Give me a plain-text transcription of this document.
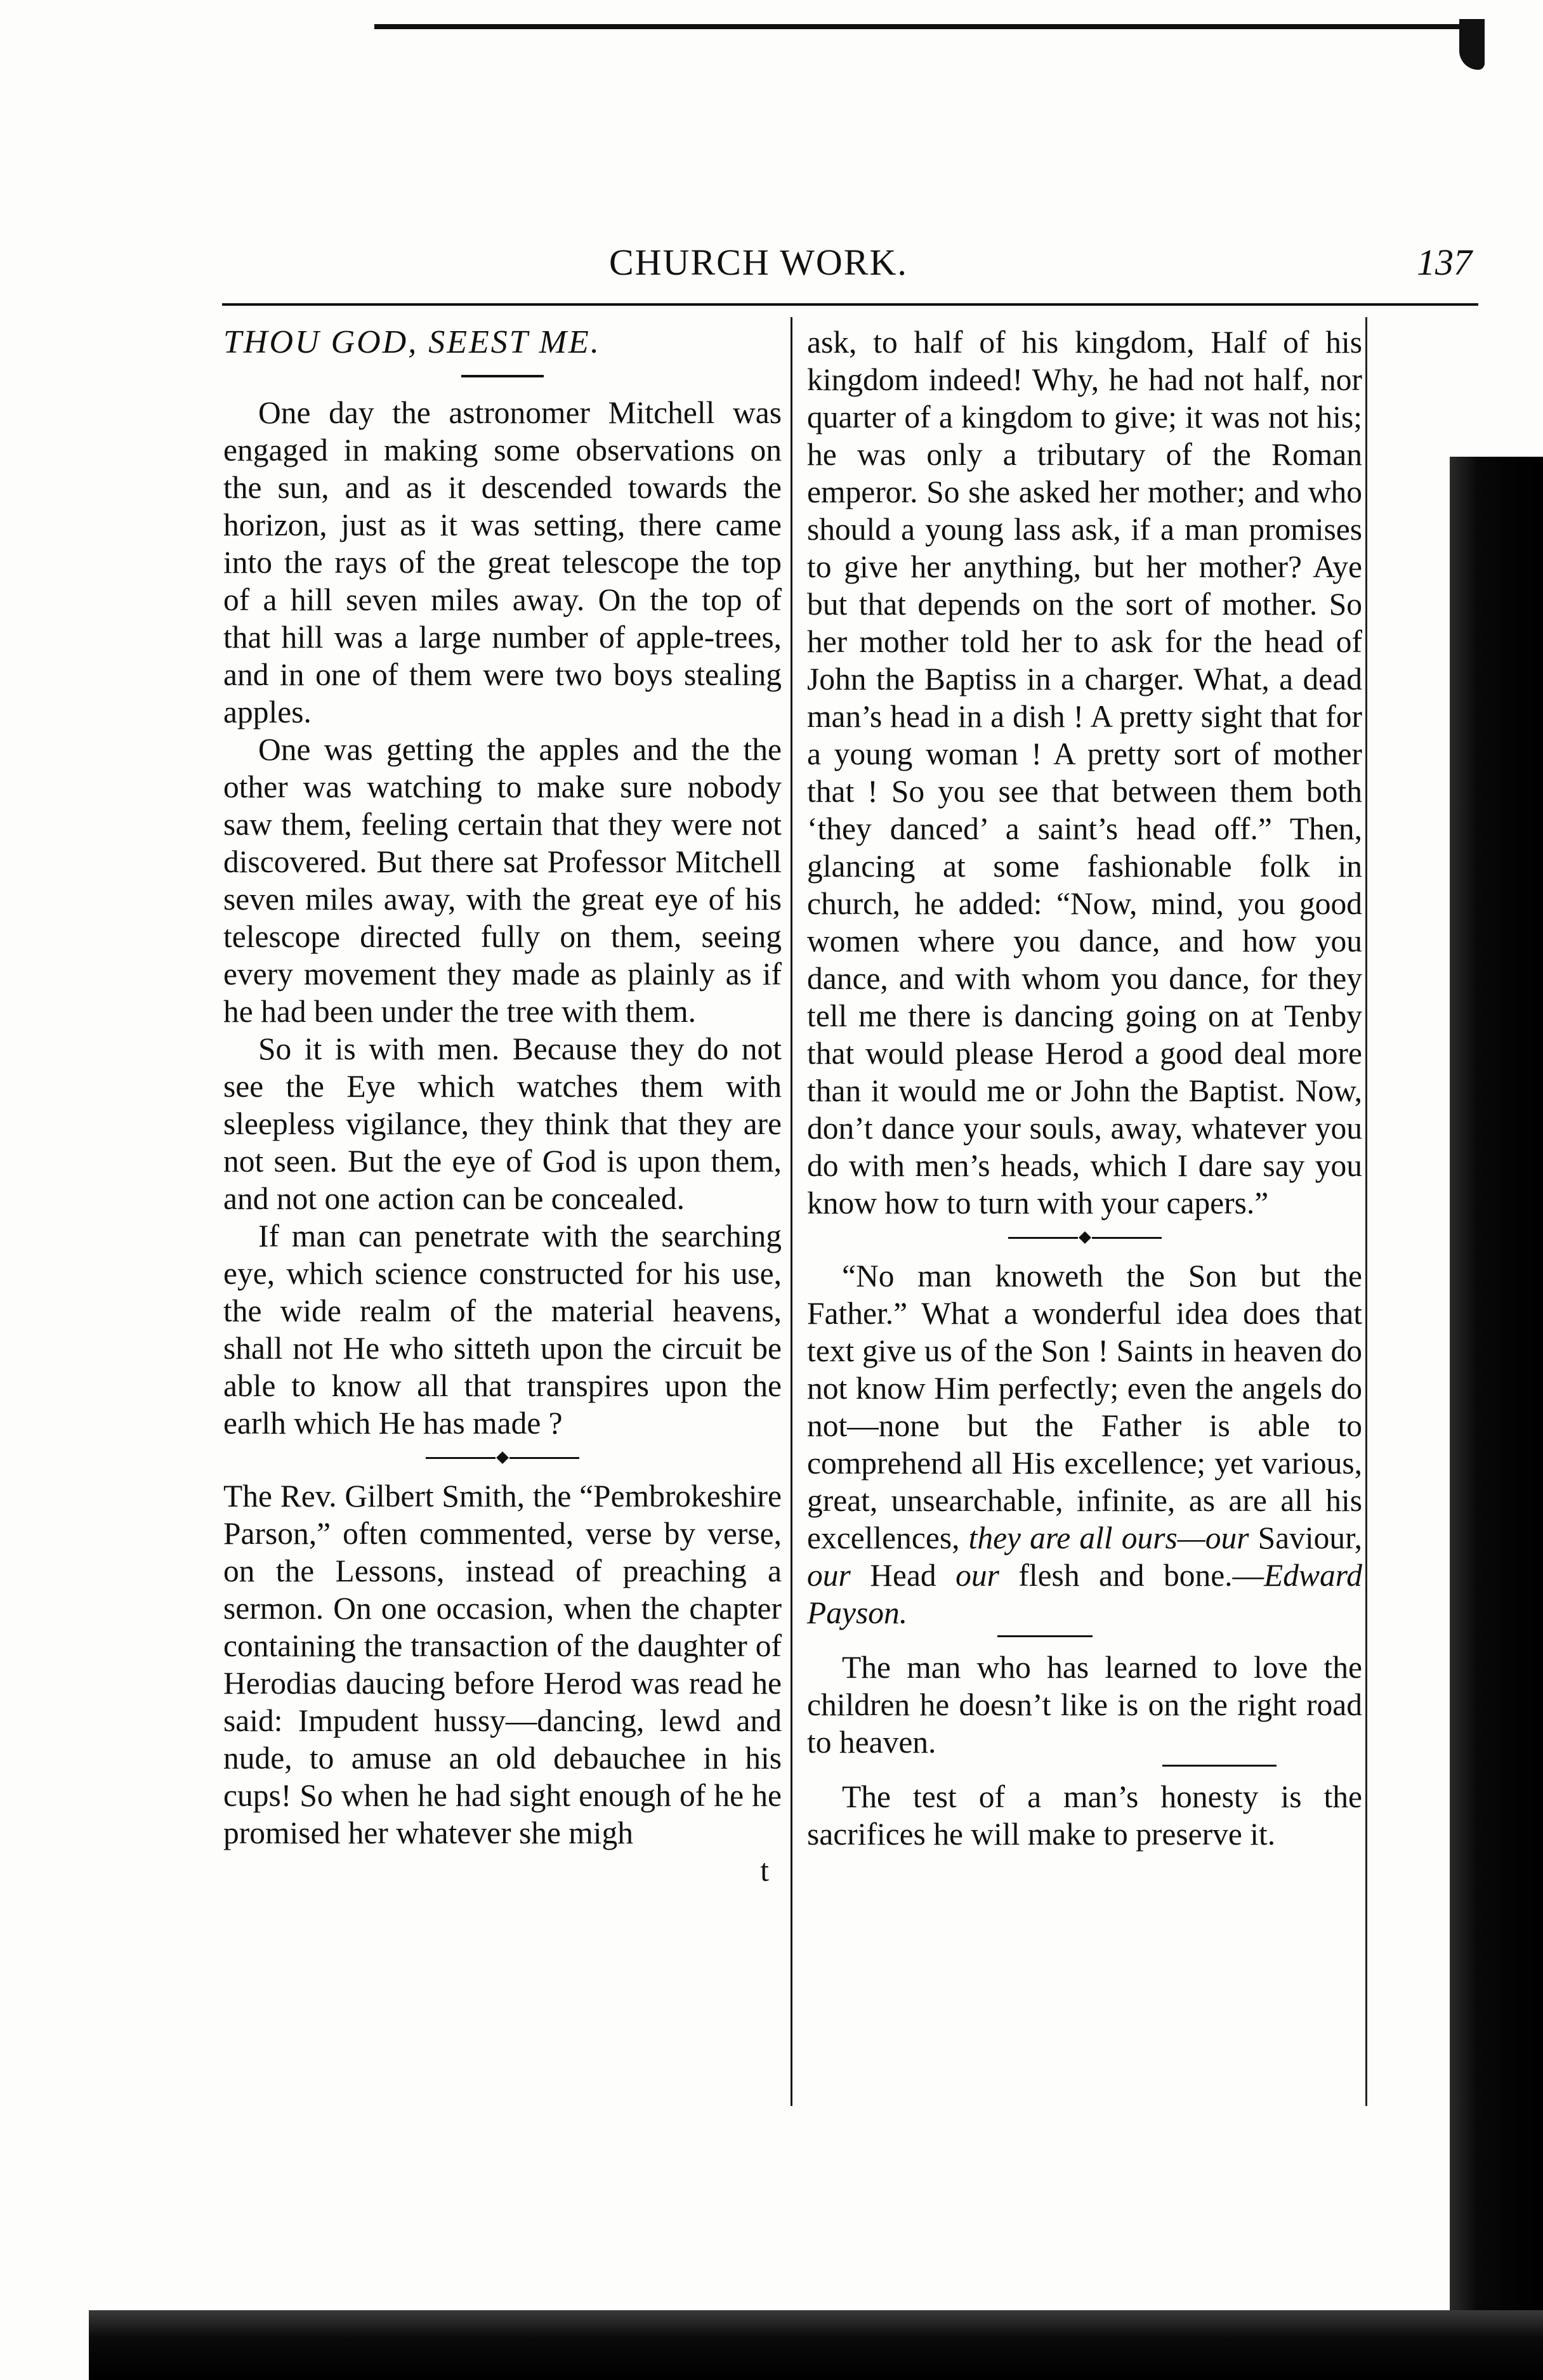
CHURCH WORK.	137

THOU GOD, SEEST ME.

One day the astronomer Mitchell was engaged in making some observations on the sun, and as it descended towards the horizon, just as it was setting, there came into the rays of the great telescope the top of a hill seven miles away. On the top of that hill was a large number of apple-trees, and in one of them were two boys stealing apples.

One was getting the apples and the the other was watching to make sure nobody saw them, feeling certain that they were not discovered. But there sat Professor Mitchell seven miles away, with the great eye of his telescope directed fully on them, seeing every movement they made as plainly as if he had been under the tree with them.

So it is with men. Because they do not see the Eye which watches them with sleepless vigilance, they think that they are not seen. But the eye of God is upon them, and not one action can be concealed.

If man can penetrate with the searching eye, which science constructed for his use, the wide realm of the material heavens, shall not He who sitteth upon the circuit be able to know all that transpires upon the earlh which He has made ?

The Rev. Gilbert Smith, the “Pembrokeshire Parson,” often commented, verse by verse, on the Lessons, instead of preaching a sermon. On one occasion, when the chapter containing the transaction of the daughter of Herodias daucing before Herod was read he said: Impudent hussy—dancing, lewd and nude, to amuse an old debauchee in his cups! So when he had sight enough of he he promised her whatever she migh

t

ask, to half of his kingdom, Half of his kingdom indeed! Why, he had not half, nor quarter of a kingdom to give; it was not his; he was only a tributary of the Roman emperor. So she asked her mother; and who should a young lass ask, if a man promises to give her anything, but her mother? Aye but that depends on the sort of mother. So her mother told her to ask for the head of John the Baptiss in a charger. What, a dead man’s head in a dish ! A pretty sight that for a young woman ! A pretty sort of mother that ! So you see that between them both ‘they danced’ a saint’s head off.” Then, glancing at some fashionable folk in church, he added: “Now, mind, you good women where you dance, and how you dance, and with whom you dance, for they tell me there is dancing going on at Tenby that would please Herod a good deal more than it would me or John the Baptist. Now, don’t dance your souls, away, whatever you do with men’s heads, which I dare say you know how to turn with your capers.”

“No man knoweth the Son but the Father.” What a wonderful idea does that text give us of the Son ! Saints in heaven do not know Him perfectly; even the angels do not—none but the Father is able to comprehend all His excellence; yet various, great, unsearchable, infinite, as are all his excellences, they are all ours—our Saviour, our Head our flesh and bone.—Edward Payson.

The man who has learned to love the children he doesn’t like is on the right road to heaven.

The test of a man’s honesty is the sacrifices he will make to preserve it.
